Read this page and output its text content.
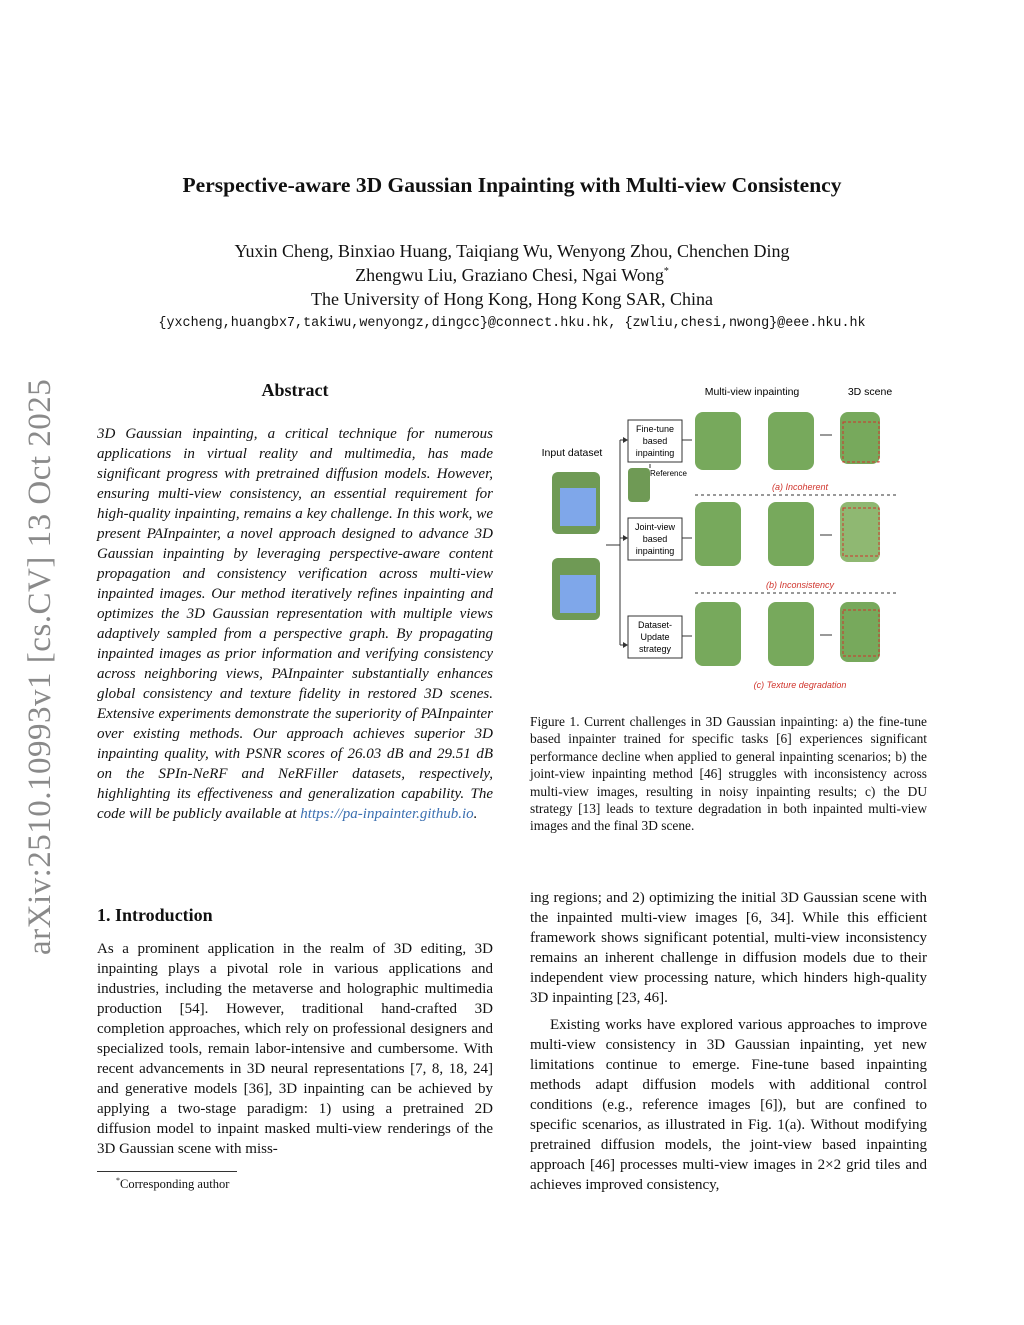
arXiv:2510.10993v1 [cs.CV] 13 Oct 2025
Perspective-aware 3D Gaussian Inpainting with Multi-view Consistency
Yuxin Cheng, Binxiao Huang, Taiqiang Wu, Wenyong Zhou, Chenchen Ding
Zhengwu Liu, Graziano Chesi, Ngai Wong*
The University of Hong Kong, Hong Kong SAR, China
{yxcheng,huangbx7,takiwu,wenyongz,dingcc}@connect.hku.hk, {zwliu,chesi,nwong}@eee.hku.hk
Abstract
3D Gaussian inpainting, a critical technique for numerous applications in virtual reality and multimedia, has made significant progress with pretrained diffusion models. However, ensuring multi-view consistency, an essential requirement for high-quality inpainting, remains a key challenge. In this work, we present PAInpainter, a novel approach designed to advance 3D Gaussian inpainting by leveraging perspective-aware content propagation and consistency verification across multi-view inpainted images. Our method iteratively refines inpainting and optimizes the 3D Gaussian representation with multiple views adaptively sampled from a perspective graph. By propagating inpainted images as prior information and verifying consistency across neighboring views, PAInpainter substantially enhances global consistency and texture fidelity in restored 3D scenes. Extensive experiments demonstrate the superiority of PAInpainter over existing methods. Our approach achieves superior 3D inpainting quality, with PSNR scores of 26.03 dB and 29.51 dB on the SPIn-NeRF and NeRFiller datasets, respectively, highlighting its effectiveness and generalization capability. The code will be publicly available at https://pa-inpainter.github.io.
1. Introduction
As a prominent application in the realm of 3D editing, 3D inpainting plays a pivotal role in various applications and industries, including the metaverse and holographic multimedia production [54]. However, traditional hand-crafted 3D completion approaches, which rely on professional designers and specialized tools, remain labor-intensive and cumbersome. With recent advancements in 3D neural representations [7, 8, 18, 24] and generative models [36], 3D inpainting can be achieved by applying a two-stage paradigm: 1) using a pretrained 2D diffusion model to inpaint masked multi-view renderings of the 3D Gaussian scene with miss-
*Corresponding author
Multi-view inpainting	3D scene
Input dataset
Fine-tune
based
inpainting
Joint-view
based
inpainting
Dataset-
Update
strategy
Reference
(a) Incoherent
(b) Inconsistency
(c) Texture degradation
Figure 1. Current challenges in 3D Gaussian inpainting: a) the fine-tune based inpainter trained for specific tasks [6] experiences significant performance decline when applied to general inpainting scenarios; b) the joint-view inpainting method [46] struggles with inconsistency across multi-view images, resulting in noisy inpainting results; c) the DU strategy [13] leads to texture degradation in both inpainted multi-view images and the final 3D scene.
ing regions; and 2) optimizing the initial 3D Gaussian scene with the inpainted multi-view images [6, 34]. While this efficient framework shows significant potential, multi-view inconsistency remains an inherent challenge in diffusion models due to their independent view processing nature, which hinders high-quality 3D inpainting [23, 46].
Existing works have explored various approaches to improve multi-view consistency in 3D Gaussian inpainting, yet new limitations continue to emerge. Fine-tune based inpainting methods adapt diffusion models with additional control conditions (e.g., reference images [6]), but are confined to specific scenarios, as illustrated in Fig. 1(a). Without modifying pretrained diffusion models, the joint-view based inpainting approach [46] processes multi-view images in 2×2 grid tiles and achieves improved consistency,
